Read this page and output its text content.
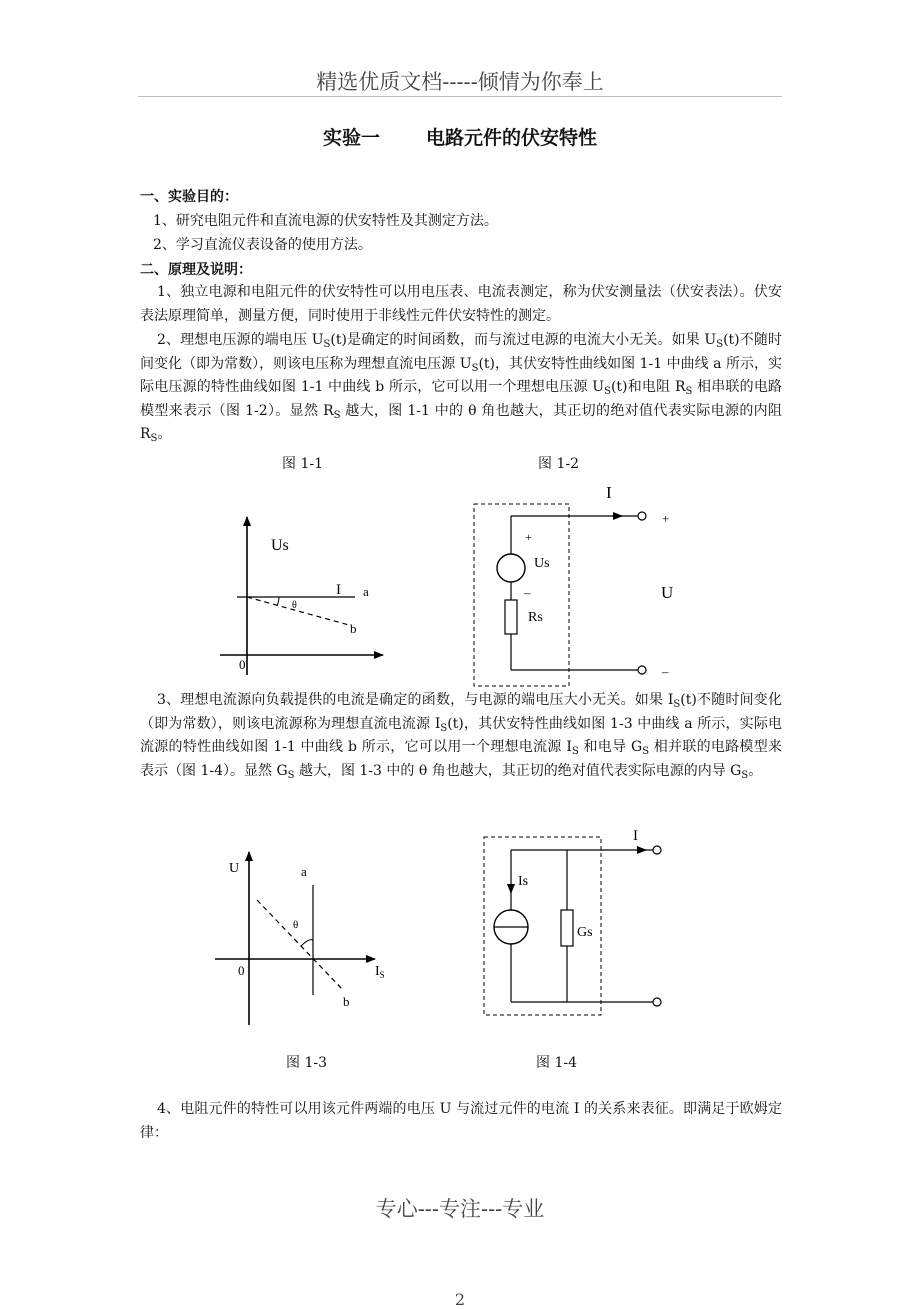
精选优质文档-----倾情为你奉上
实验一 电路元件的伏安特性
一、实验目的：
1、研究电阻元件和直流电源的伏安特性及其测定方法。
2、学习直流仪表设备的使用方法。
二、原理及说明：
1、独立电源和电阻元件的伏安特性可以用电压表、电流表测定，称为伏安测量法（伏安表法）。伏安表法原理简单，测量方便，同时使用于非线性元件伏安特性的测定。
2、理想电压源的端电压 $U_S(t)$是确定的时间函数，而与流过电源的电流大小无关。如果 $U_S(t)$不随时间变化（即为常数），则该电压称为理想直流电压源 $U_S(t)$，其伏安特性曲线如图 1-1 中曲线 a 所示，实际电压源的特性曲线如图 1-1 中曲线 b 所示，它可以用一个理想电压源 $U_S(t)$和电阻 $R_S$ 相串联的电路模型来表示（图 1-2）。显然 $R_S$ 越大，图 1-1 中的 θ 角也越大，其正切的绝对值代表实际电源的内阻 $R_S$。
图 1-1	图 1-2
Us
I a
θ
b
0
I
+
U
–
+
Us
–
Rs
3、理想电流源向负载提供的电流是确定的函数，与电源的端电压大小无关。如果 $I_S(t)$不随时间变化（即为常数），则该电流源称为理想直流电流源 $I_S(t)$，其伏安特性曲线如图 1-3 中曲线 a 所示，实际电流源的特性曲线如图 1-1 中曲线 b 所示，它可以用一个理想电流源 $I_S$ 和电导 $G_S$ 相并联的电路模型来表示（图 1-4）。显然 $G_S$ 越大，图 1-3 中的 θ 角也越大，其正切的绝对值代表实际电源的内导 $G_S$。
U	a
θ
0	$I_S$
b
I
Is
Gs
图 1-3	图 1-4
4、电阻元件的特性可以用该元件两端的电压 U 与流过元件的电流 I 的关系来表征。即满足于欧姆定律：
专心---专注---专业
2
